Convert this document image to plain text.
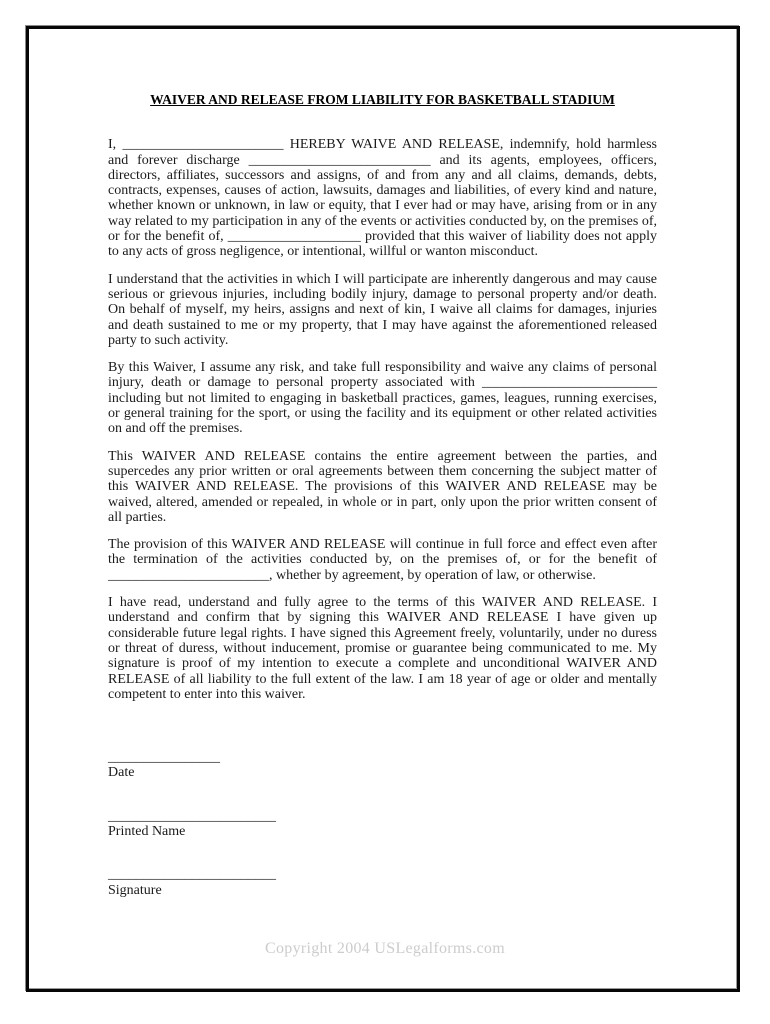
WAIVER AND RELEASE FROM LIABILITY FOR BASKETBALL STADIUM

I, _______________________ HEREBY WAIVE AND RELEASE, indemnify, hold harmless and forever discharge __________________________ and its agents, employees, officers, directors, affiliates, successors and assigns, of and from any and all claims, demands, debts, contracts, expenses, causes of action, lawsuits, damages and liabilities, of every kind and nature, whether known or unknown, in law or equity, that I ever had or may have, arising from or in any way related to my participation in any of the events or activities conducted by, on the premises of, or for the benefit of, ___________________ provided that this waiver of liability does not apply to any acts of gross negligence, or intentional, willful or wanton misconduct.

I understand that the activities in which I will participate are inherently dangerous and may cause serious or grievous injuries, including bodily injury, damage to personal property and/or death. On behalf of myself, my heirs, assigns and next of kin, I waive all claims for damages, injuries and death sustained to me or my property, that I may have against the aforementioned released party to such activity.

By this Waiver, I assume any risk, and take full responsibility and waive any claims of personal injury, death or damage to personal property associated with _________________________ including but not limited to engaging in basketball practices, games, leagues, running exercises, or general training for the sport, or using the facility and its equipment or other related activities on and off the premises.

This WAIVER AND RELEASE contains the entire agreement between the parties, and supercedes any prior written or oral agreements between them concerning the subject matter of this WAIVER AND RELEASE. The provisions of this WAIVER AND RELEASE may be waived, altered, amended or repealed, in whole or in part, only upon the prior written consent of all parties.

The provision of this WAIVER AND RELEASE will continue in full force and effect even after the termination of the activities conducted by, on the premises of, or for the benefit of _______________________, whether by agreement, by operation of law, or otherwise.

I have read, understand and fully agree to the terms of this WAIVER AND RELEASE. I understand and confirm that by signing this WAIVER AND RELEASE I have given up considerable future legal rights. I have signed this Agreement freely, voluntarily, under no duress or threat of duress, without inducement, promise or guarantee being communicated to me. My signature is proof of my intention to execute a complete and unconditional WAIVER AND RELEASE of all liability to the full extent of the law. I am 18 year of age or older and mentally competent to enter into this waiver.

________________
Date
________________________
Printed Name
________________________
Signature
Copyright 2004 USLegalforms.com
